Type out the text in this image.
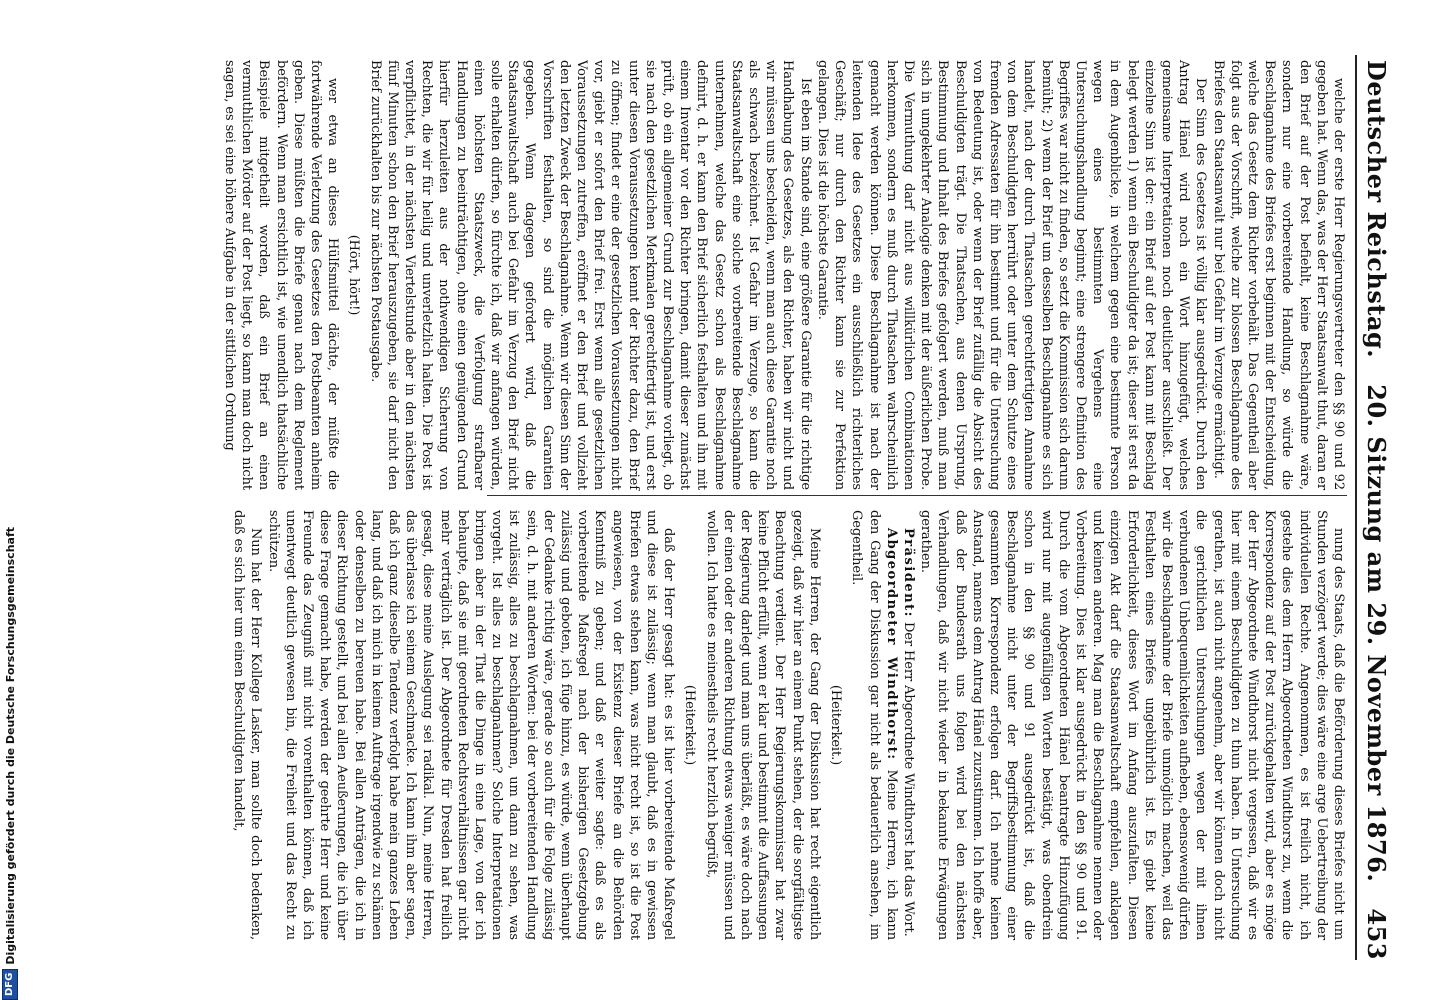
Deutscher Reichstag.
20. Sitzung am 29. November 1876.
453

welche der erste Herr Regierungsvertreter den §§ 90 und 92 gegeben hat. Wenn das, was der Herr Staatsanwalt thut, daran er den Brief auf der Post befiehlt, keine Beschlagnahme wäre, sondern nur eine vorbereitende Handlung, so würde die Beschlagnahme des Briefes erst beginnen mit der Entscheidung, welche das Gesetz dem Richter vorbehält. Das Gegentheil aber folgt aus der Vorschrift, welche zur blossen Beschlagnahme des Briefes den Staatsanwalt nur bei Gefahr im Verzuge ermächtigt.

Der Sinn des Gesetzes ist völlig klar ausgedrückt. Durch den Antrag Hänel wird noch ein Wort hinzugefügt, welches gemeinsame Interpretationen noch deutlicher ausschließt. Der einzelne Sinn ist der: ein Brief auf der Post kann mit Beschlag belegt werden 1) wenn ein Beschuldigter da ist; dieser ist erst da in dem Augenblicke, in welchem gegen eine bestimmte Person wegen eines bestimmten Vergehens eine Untersuchungshandlung beginnt; eine strengere Definition des Begriffes war nicht zu finden, so setzt die Kommission sich darum bemüht; 2) wenn der Brief um desselben Beschlagnahme es sich handelt, nach der durch Thatsachen gerechtfertigten Annahme von dem Beschuldigten herrührt oder unter dem Schutze eines fremden Adressaten für ihn bestimmt und für die Untersuchung von Bedeutung ist, oder wenn der Brief zufällig die Absicht des Beschuldigten trägt. Die Thatsachen, aus denen Ursprung, Bestimmung und Inhalt des Briefes gefolgert werden, muß man sich in umgekehrter Analogie denken mit der äußerlichen Probe. Die Vermuthung darf nicht aus willkürlichen Combinationen herkommen, sondern es muß durch Thatsachen wahrscheinlich gemacht werden können. Diese Beschlagnahme ist nach der leitenden Idee des Gesetzes ein ausschließlich richterliches Geschäft; nur durch den Richter kann sie zur Perfektion gelangen. Dies ist die höchste Garantie.

Ist eben im Stande sind, eine größere Garantie für die richtige Handhabung des Gesetzes, als den Richter, haben wir nicht und wir müssen uns bescheiden, wenn man auch diese Garantie noch als schwach bezeichnet. Ist Gefahr im Verzuge, so kann die Staatsanwaltschaft eine solche vorbereitende Beschlagnahme unternehmen, welche das Gesetz schon als Beschlagnahme definirt, d. h. er kann den Brief sicherlich festhalten und ihn mit einem Inventar vor den Richter bringen, damit dieser zunächst prüft, ob ein allgemeiner Grund zur Beschlagnahme vorliegt, ob sie nach den gesetzlichen Merkmalen gerechtfertigt ist, und erst unter diesen Voraussetzungen kennt der Richter dazu, den Brief zu öffnen; findet er eine der gesetzlichen Voraussetzungen nicht vor, giebt er sofort den Brief frei. Erst wenn alle gesetzlichen Voraussetzungen zutreffen, eröffnet er den Brief und vollzieht den letzten Zweck der Beschlagnahme. Wenn wir diesen Sinn der Vorschriften festhalten, so sind die möglichen Garantien gegeben. Wenn dagegen gefordert wird, daß die Staatsanwaltschaft auch bei Gefahr im Verzug den Brief nicht solle erhalten dürfen, so fürchte ich, daß wir anfangen würden, einen höchsten Staatszweck, die Verfolgung strafbarer Handlungen zu beeinträchtigen, ohne einen genügenden Grund hierfür herzuleiten aus der nothwendigen Sicherung von Rechten, die wir für heilig und unverletzlich halten. Die Post ist verpflichtet, in der nächsten Viertelstunde aber in den nächsten fünf Minuten schon den Brief herauszugeben, sie darf nicht den Brief zurückhalten bis zur nächsten Postausgabe.

(Hört, hört!)

wer etwa an dieses Hülfsmittel dächte, der müßte die fortwährende Verletzung des Gesetzes den Postbeamten anheim geben. Diese müßten die Briefe genau nach dem Reglement befördern. Wenn man ersichtlich ist, wie unendlich thatsächliche Beispiele mitgetheilt worden, daß ein Brief an einen vermuthlichen Mörder auf der Post liegt, so kann man doch nicht sagen, es sei eine höhere Aufgabe in der sittlichen Ordnung

nung des Staats, daß die Beförderung dieses Briefes nicht um Stunden verzögert werde; dies wäre eine arge Uebertreibung der individuellen Rechte. Angenommen, es ist freilich nicht, ich gestehe dies dem Herrn Abgeordneten Windthorst zu, wenn die Korrespondenz auf der Post zurückgehalten wird, aber es möge der Herr Abgeordnete Windthorst nicht vergessen, daß wir es hier mit einem Beschuldigten zu thun haben. In Untersuchung gerathen, ist auch nicht angenehm, aber wir können doch nicht die gerichtlichen Untersuchungen wegen der mit ihnen verbundenen Unbequemlichkeiten aufheben, ebensowenig dürfen wir die Beschlagnahme der Briefe unmöglich machen, weil das Festhalten eines Briefes ungebührlich ist. Es giebt keine Erforderlichkeit, dieses Wort im Anfang auszufalten. Diesen einzigen Akt darf die Staatsanwaltschaft empfehlen, anklagen und keinen anderen. Mag man die Beschlagnahme nennen oder Vorbereitung. Dies ist klar ausgedrückt in den §§ 90 und 91. Durch die vom Abgeordneten Hänel beantragte Hinzufügung wird nur mit augenfälligen Worten bestätigt, was obendrein schon in den §§ 90 und 91 ausgedrückt ist, daß die Beschlagnahme nicht unter der Begriffsbestimmung einer gesammten Korrespondenz erfolgen darf. Ich nehme keinen Anstand, namens dem Antrag Hänel zuzustimmen. Ich hoffe aber, daß der Bundesrath uns folgen wird bei den nächsten Verhandlungen, daß wir nicht wieder in bekannte Erwägungen gerathen.

Präsident: Der Herr Abgeordnete Windthorst hat das Wort.

Abgeordneter Windthorst: Meine Herren, ich kann den Gang der Diskussion gar nicht als bedauerlich ansehen, im Gegentheil.

(Heiterkeit.)

Meine Herren, der Gang der Diskussion hat recht eigentlich gezeigt, daß wir hier an einem Punkt stehen, der die sorgfältigste Beachtung verdient. Der Herr Regierungskommissar hat zwar keine Pflicht erfüllt, wenn er klar und bestimmt die Auffassungen der Regierung darlegt und man uns überläßt, es wäre doch nach der einen oder der anderen Richtung etwas weniger müssen und wollen. Ich hatte es meinestheils recht herzlich begrüßt,

(Heiterkeit.)

daß der Herr gesagt hat: es ist hier vorbereitende Maßregel und diese ist zulässig; wenn man glaubt, daß es in gewissen Briefen etwas stehen kann, was nicht recht ist, so ist die Post angewiesen, von der Existenz dieser Briefe an die Behörden Kenntniß zu geben; und daß er weiter sagte: daß es als vorbereitende Maßregel nach der bisherigen Gesetzgebung zulässig und geboten, ich füge hinzu, es würde, wenn überhaupt der Gedanke richtig wäre, gerade so auch für die Folge zulässig sein, d. h. mit anderen Worten: bei der vorbereitenden Handlung ist zulässig, alles zu beschlagnahmen, um dann zu sehen, was vorgeht. Ist alles zu beschlagnahmen? Solche Interpretationen bringen aber in der That die Dinge in eine Lage, von der ich behaupte, daß sie mit geordneten Rechtsverhältnissen gar nicht mehr verträglich ist. Der Abgeordnete für Dresden hat freilich gesagt, diese meine Auslegung sei radikal. Nun, meine Herren, das überlasse ich seinem Geschmacke. Ich kann ihm aber sagen, daß ich ganz dieselbe Tendenz verfolgt habe mein ganzes Leben lang, und daß ich mich in keinem Auftrage irgendwie zu schämen oder denselben zu bereuen habe. Bei allen Anträgen, die ich in dieser Richtung gestellt, und bei allen Aeußerungen, die ich über diese Frage gemacht habe, werden der geehrte Herr und keine Freunde das Zeugniß mit nicht vorenthalten können, daß ich unentwegt deutlich gewesen bin, die Freiheit und das Recht zu schützen.

Nun hat der Herr Kollege Lasker, man sollte doch bedenken, daß es sich hier um einen Beschuldigten handelt,

DFG
Digitalisierung gefördert durch die Deutsche Forschungsgemeinschaft
